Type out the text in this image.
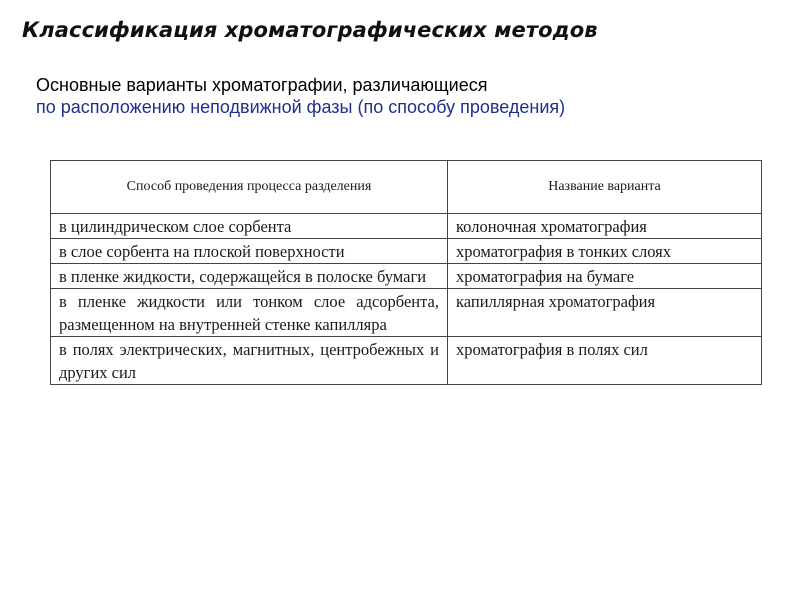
Классификация хроматографических методов
Основные варианты хроматографии, различающиеся
по расположению неподвижной фазы (по способу проведения)
Способ проведения процесса разделения	Название варианта
в цилиндрическом слое сорбента	колоночная хроматография
в слое сорбента на плоской поверхности	хроматография в тонких слоях
в пленке жидкости, содержащейся в полоске бумаги	хроматография на бумаге
в пленке жидкости или тонком слое адсорбента, размещенном на внутренней стенке капилляра	капиллярная хроматография
в полях электрических, магнитных, центробежных и других сил	хроматография в полях сил
